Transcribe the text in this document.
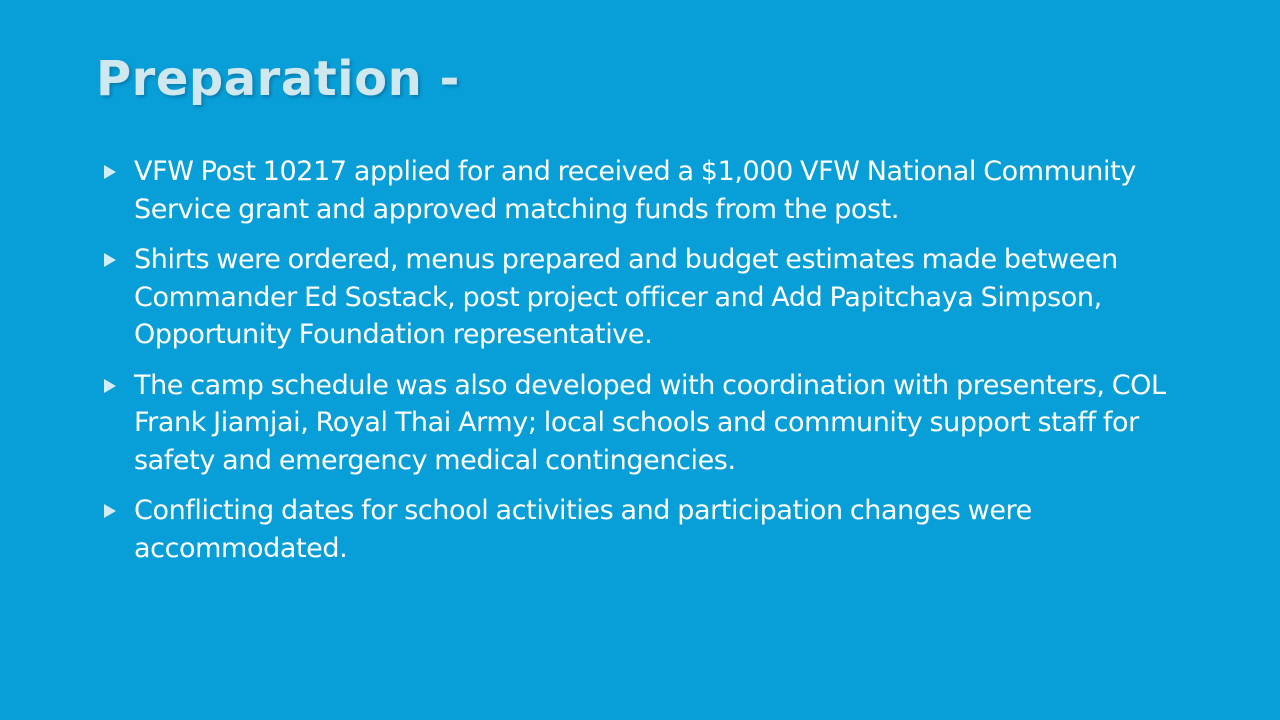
Preparation -
VFW Post 10217 applied for and received a $1,000 VFW National Community Service grant and approved matching funds from the post.
Shirts were ordered, menus prepared and budget estimates made between Commander Ed Sostack, post project officer and Add Papitchaya Simpson, Opportunity Foundation representative.
The camp schedule was also developed with coordination with presenters, COL Frank Jiamjai, Royal Thai Army; local schools and community support staff for safety and emergency medical contingencies.
Conflicting dates for school activities and participation changes were accommodated.
